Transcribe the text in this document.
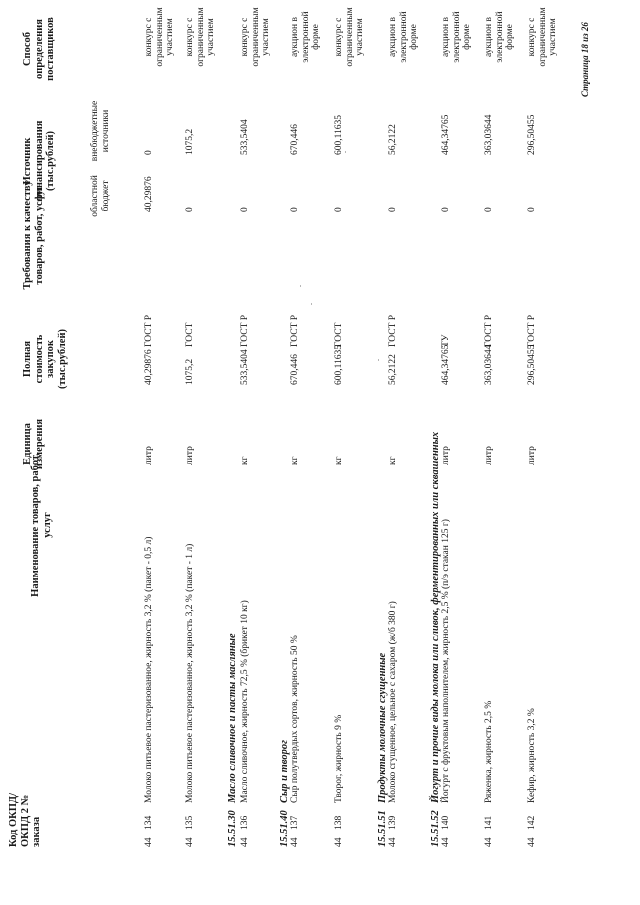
Код ОКПД/ ОКПД 2 № заказа
Наименование товаров, работ, услуг
Единица измерения
Полная стоимость закупок (тыс.рублей)
Требования к качеству товаров, работ, услуг
Источник финансирования (тыс.рублей)
областной бюджет
внебюджетные источники
Способ определения поставщиков
44
134
литр
40,29876
ГОСТ Р
40,29876
0
Молоко питьевое пастеризованное, жирность 3,2 % (пакет - 0,5 л)
конкурс с ограниченным участием
44
135
литр
1075,2
ГОСТ
0
1075,2
Молоко питьевое пастеризованное, жирность 3,2 % (пакет - 1 л)
конкурс с ограниченным участием
15.51.30
Масло сливочное и пасты масляные
44
136
кг
533,5404
ГОСТ Р
0
533,5404
Масло сливочное, жирность 72,5 % (брикет 10 кг)
конкурс с ограниченным участием
15.51.40
Сыр и творог
44
137
кг
670,446
ГОСТ Р
0
670,446
Сыр полутвердых сортов, жирность 50 %
аукцион в электронной форме
44
138
кг
600,11635
ГОСТ
0
600,11635
Творог, жирность 9 %
конкурс с ограниченным участием
15.51.51
Продукты молочные сгущенные
44
139
кг
56,2122
ГОСТ Р
0
56,2122
Молоко сгущенное, цельное с сахаром (ж/б 380 г)
аукцион в электронной форме
15.51.52
Йогурт и прочие виды молока или сливок, ферментированных или сквашенных
44
140
литр
464,34765
ТУ
0
464,34765
Йогурт с фруктовым наполнителем, жирность 2,5 % (п/э стакан 125 г)
аукцион в электронной форме
44
141
литр
363,03644
ГОСТ Р
0
363,03644
Ряженка, жирность 2,5 %
аукцион в электронной форме
44
142
литр
296,50455
ГОСТ Р
0
296,50455
Кефир, жирность 3,2 %
конкурс с ограниченным участием Страница 18 из 26
